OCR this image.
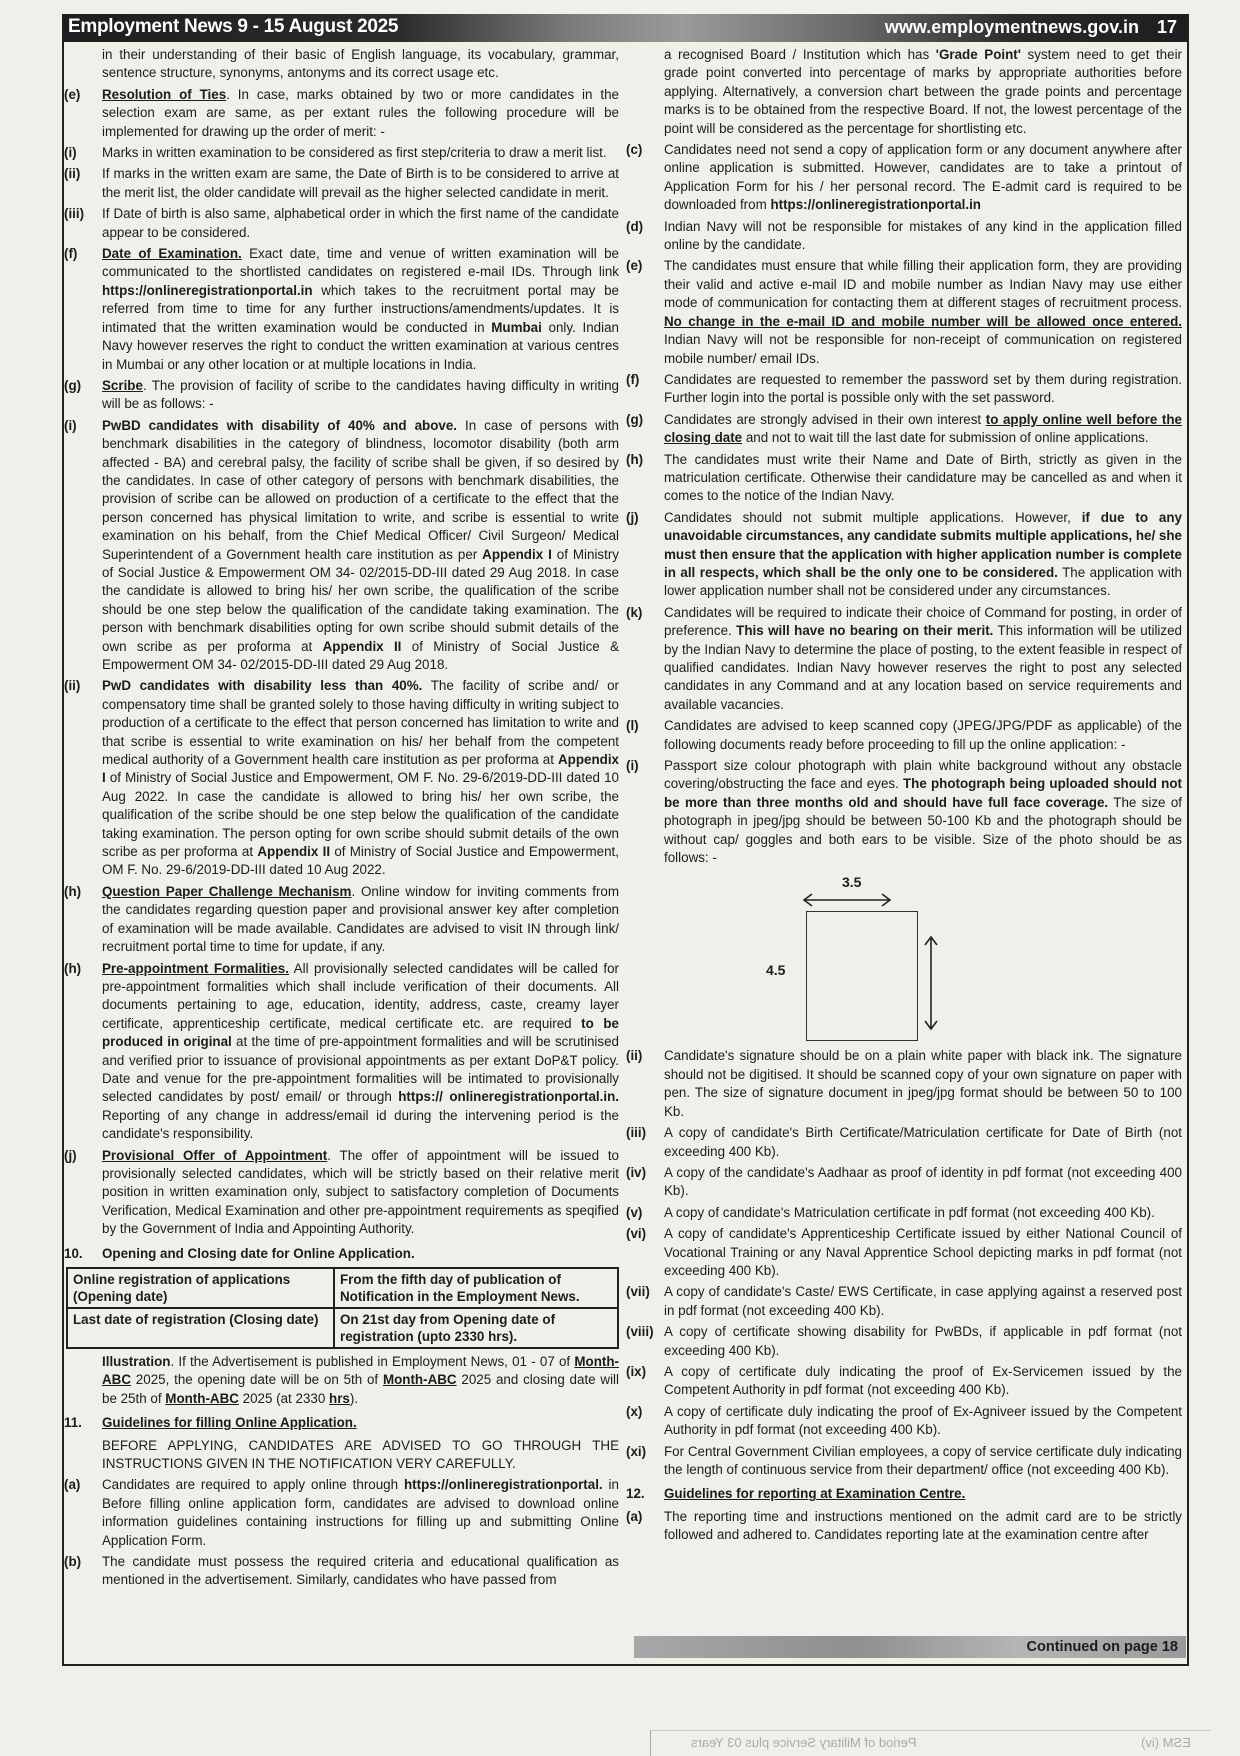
Employment News 9 - 15 August 2025	www.employmentnews.gov.in 17
in their understanding of their basic of English language, its vocabulary, grammar, sentence structure, synonyms, antonyms and its correct usage etc.
(e)	Resolution of Ties. In case, marks obtained by two or more candidates in the selection exam are same, as per extant rules the following procedure will be implemented for drawing up the order of merit: -
(i)	Marks in written examination to be considered as first step/criteria to draw a merit list.
(ii)	If marks in the written exam are same, the Date of Birth is to be considered to arrive at the merit list, the older candidate will prevail as the higher selected candidate in merit.
(iii)	If Date of birth is also same, alphabetical order in which the first name of the candidate appear to be considered.
(f)	Date of Examination. Exact date, time and venue of written examination will be communicated to the shortlisted candidates on registered e-mail IDs. Through link https://onlineregistrationportal.in which takes to the recruitment portal may be referred from time to time for any further instructions/amendments/updates. It is intimated that the written examination would be conducted in Mumbai only. Indian Navy however reserves the right to conduct the written examination at various centres in Mumbai or any other location or at multiple locations in India.
(g)	Scribe. The provision of facility of scribe to the candidates having difficulty in writing will be as follows: -
(i)	PwBD candidates with disability of 40% and above. In case of persons with benchmark disabilities in the category of blindness, locomotor disability (both arm affected - BA) and cerebral palsy, the facility of scribe shall be given, if so desired by the candidates. In case of other category of persons with benchmark disabilities, the provision of scribe can be allowed on production of a certificate to the effect that the person concerned has physical limitation to write, and scribe is essential to write examination on his behalf, from the Chief Medical Officer/ Civil Surgeon/ Medical Superintendent of a Government health care institution as per Appendix I of Ministry of Social Justice & Empowerment OM 34- 02/2015-DD-III dated 29 Aug 2018. In case the candidate is allowed to bring his/ her own scribe, the qualification of the scribe should be one step below the qualification of the candidate taking examination. The person with benchmark disabilities opting for own scribe should submit details of the own scribe as per proforma at Appendix II of Ministry of Social Justice & Empowerment OM 34- 02/2015-DD-III dated 29 Aug 2018.
(ii)	PwD candidates with disability less than 40%. The facility of scribe and/ or compensatory time shall be granted solely to those having difficulty in writing subject to production of a certificate to the effect that person concerned has limitation to write and that scribe is essential to write examination on his/ her behalf from the competent medical authority of a Government health care institution as per proforma at Appendix I of Ministry of Social Justice and Empowerment, OM F. No. 29-6/2019-DD-III dated 10 Aug 2022. In case the candidate is allowed to bring his/ her own scribe, the qualification of the scribe should be one step below the qualification of the candidate taking examination. The person opting for own scribe should submit details of the own scribe as per proforma at Appendix II of Ministry of Social Justice and Empowerment, OM F. No. 29-6/2019-DD-III dated 10 Aug 2022.
(h)	Question Paper Challenge Mechanism. Online window for inviting comments from the candidates regarding question paper and provisional answer key after completion of examination will be made available. Candidates are advised to visit IN through link/ recruitment portal time to time for update, if any.
(h)	Pre-appointment Formalities. All provisionally selected candidates will be called for pre-appointment formalities which shall include verification of their documents. All documents pertaining to age, education, identity, address, caste, creamy layer certificate, apprenticeship certificate, medical certificate etc. are required to be produced in original at the time of pre-appointment formalities and will be scrutinised and verified prior to issuance of provisional appointments as per extant DoP&T policy. Date and venue for the pre-appointment formalities will be intimated to provisionally selected candidates by post/ email/ or through https:// onlineregistrationportal.in. Reporting of any change in address/email id during the intervening period is the candidate's responsibility.
(j)	Provisional Offer of Appointment. The offer of appointment will be issued to provisionally selected candidates, which will be strictly based on their relative merit position in written examination only, subject to satisfactory completion of Documents Verification, Medical Examination and other pre-appointment requirements as speqified by the Government of India and Appointing Authority.
10.	Opening and Closing date for Online Application.
Online registration of applications (Opening date)	From the fifth day of publication of Notification in the Employment News.
Last date of registration (Closing date)	On 21st day from Opening date of registration (upto 2330 hrs).
Illustration. If the Advertisement is published in Employment News, 01 - 07 of Month-ABC 2025, the opening date will be on 5th of Month-ABC 2025 and closing date will be 25th of Month-ABC 2025 (at 2330 hrs).
11.	Guidelines for filling Online Application.
BEFORE APPLYING, CANDIDATES ARE ADVISED TO GO THROUGH THE INSTRUCTIONS GIVEN IN THE NOTIFICATION VERY CAREFULLY.
(a)	Candidates are required to apply online through https://onlineregistrationportal. in Before filling online application form, candidates are advised to download online information guidelines containing instructions for filling up and submitting Online Application Form.
(b)	The candidate must possess the required criteria and educational qualification as mentioned in the advertisement. Similarly, candidates who have passed from
a recognised Board / Institution which has 'Grade Point' system need to get their grade point converted into percentage of marks by appropriate authorities before applying. Alternatively, a conversion chart between the grade points and percentage marks is to be obtained from the respective Board. If not, the lowest percentage of the point will be considered as the percentage for shortlisting etc.
(c)	Candidates need not send a copy of application form or any document anywhere after online application is submitted. However, candidates are to take a printout of Application Form for his / her personal record. The E-admit card is required to be downloaded from https://onlineregistrationportal.in
(d)	Indian Navy will not be responsible for mistakes of any kind in the application filled online by the candidate.
(e)	The candidates must ensure that while filling their application form, they are providing their valid and active e-mail ID and mobile number as Indian Navy may use either mode of communication for contacting them at different stages of recruitment process. No change in the e-mail ID and mobile number will be allowed once entered. Indian Navy will not be responsible for non-receipt of communication on registered mobile number/ email IDs.
(f)	Candidates are requested to remember the password set by them during registration. Further login into the portal is possible only with the set password.
(g)	Candidates are strongly advised in their own interest to apply online well before the closing date and not to wait till the last date for submission of online applications.
(h)	The candidates must write their Name and Date of Birth, strictly as given in the matriculation certificate. Otherwise their candidature may be cancelled as and when it comes to the notice of the Indian Navy.
(j)	Candidates should not submit multiple applications. However, if due to any unavoidable circumstances, any candidate submits multiple applications, he/ she must then ensure that the application with higher application number is complete in all respects, which shall be the only one to be considered. The application with lower application number shall not be considered under any circumstances.
(k)	Candidates will be required to indicate their choice of Command for posting, in order of preference. This will have no bearing on their merit. This information will be utilized by the Indian Navy to determine the place of posting, to the extent feasible in respect of qualified candidates. Indian Navy however reserves the right to post any selected candidates in any Command and at any location based on service requirements and available vacancies.
(l)	Candidates are advised to keep scanned copy (JPEG/JPG/PDF as applicable) of the following documents ready before proceeding to fill up the online application: -
(i)	Passport size colour photograph with plain white background without any obstacle covering/obstructing the face and eyes. The photograph being uploaded should not be more than three months old and should have full face coverage. The size of photograph in jpeg/jpg should be between 50-100 Kb and the photograph should be without cap/ goggles and both ears to be visible. Size of the photo should be as follows: -
3.5
4.5
(ii)	Candidate's signature should be on a plain white paper with black ink. The signature should not be digitised. It should be scanned copy of your own signature on paper with pen. The size of signature document in jpeg/jpg format should be between 50 to 100 Kb.
(iii)	A copy of candidate's Birth Certificate/Matriculation certificate for Date of Birth (not exceeding 400 Kb).
(iv)	A copy of the candidate's Aadhaar as proof of identity in pdf format (not exceeding 400 Kb).
(v)	A copy of candidate's Matriculation certificate in pdf format (not exceeding 400 Kb).
(vi)	A copy of candidate's Apprenticeship Certificate issued by either National Council of Vocational Training or any Naval Apprentice School depicting marks in pdf format (not exceeding 400 Kb).
(vii)	A copy of candidate's Caste/ EWS Certificate, in case applying against a reserved post in pdf format (not exceeding 400 Kb).
(viii) A copy of certificate showing disability for PwBDs, if applicable in pdf format (not exceeding 400 Kb).
(ix)	A copy of certificate duly indicating the proof of Ex-Servicemen issued by the Competent Authority in pdf format (not exceeding 400 Kb).
(x)	A copy of certificate duly indicating the proof of Ex-Agniveer issued by the Competent Authority in pdf format (not exceeding 400 Kb).
(xi)	For Central Government Civilian employees, a copy of service certificate duly indicating the length of continuous service from their department/ office (not exceeding 400 Kb).
12.	Guidelines for reporting at Examination Centre.
(a)	The reporting time and instructions mentioned on the admit card are to be strictly followed and adhered to. Candidates reporting late at the examination centre after
Continued on page 18
Period of Military Service plus 03 Years	ESM (iv)
